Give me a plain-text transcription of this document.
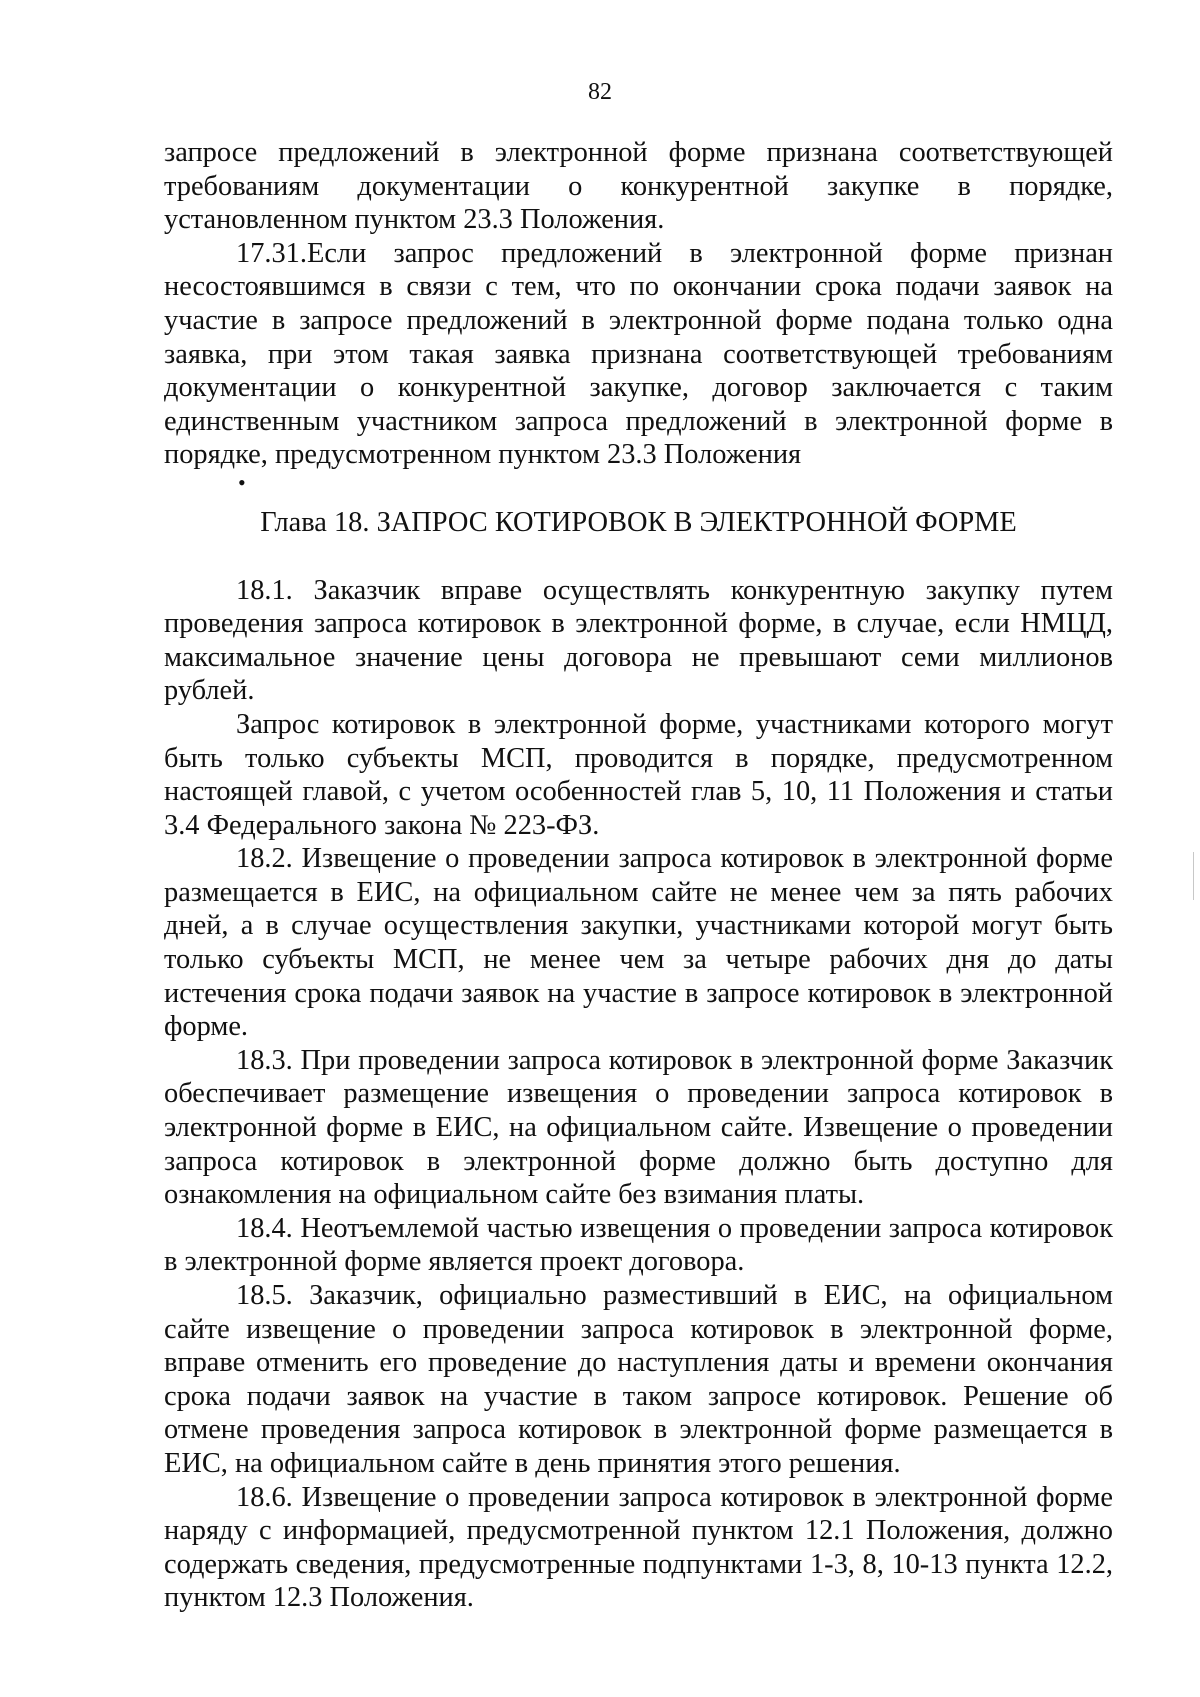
82

запросе предложений в электронной форме признана соответствующей требованиям документации о конкурентной закупке в порядке, установленном пунктом 23.3 Положения.

17.31.Если запрос предложений в электронной форме признан несостоявшимся в связи с тем, что по окончании срока подачи заявок на участие в запросе предложений в электронной форме подана только одна заявка, при этом такая заявка признана соответствующей требованиям документации о конкурентной закупке, договор заключается с таким единственным участником запроса предложений в электронной форме в порядке, предусмотренном пунктом 23.3 Положения

•

Глава 18. ЗАПРОС КОТИРОВОК В ЭЛЕКТРОННОЙ ФОРМЕ

18.1. Заказчик вправе осуществлять конкурентную закупку путем проведения запроса котировок в электронной форме, в случае, если НМЦД, максимальное значение цены договора не превышают семи миллионов рублей.

Запрос котировок в электронной форме, участниками которого могут быть только субъекты МСП, проводится в порядке, предусмотренном настоящей главой, с учетом особенностей глав 5, 10, 11 Положения и статьи 3.4 Федерального закона № 223-ФЗ.

18.2. Извещение о проведении запроса котировок в электронной форме размещается в ЕИС, на официальном сайте не менее чем за пять рабочих дней, а в случае осуществления закупки, участниками которой могут быть только субъекты МСП, не менее чем за четыре рабочих дня до даты истечения срока подачи заявок на участие в запросе котировок в электронной форме.

18.3. При проведении запроса котировок в электронной форме Заказчик обеспечивает размещение извещения о проведении запроса котировок в электронной форме в ЕИС, на официальном сайте. Извещение о проведении запроса котировок в электронной форме должно быть доступно для ознакомления на официальном сайте без взимания платы.

18.4. Неотъемлемой частью извещения о проведении запроса котировок в электронной форме является проект договора.

18.5. Заказчик, официально разместивший в ЕИС, на официальном сайте извещение о проведении запроса котировок в электронной форме, вправе отменить его проведение до наступления даты и времени окончания срока подачи заявок на участие в таком запросе котировок. Решение об отмене проведения запроса котировок в электронной форме размещается в ЕИС, на официальном сайте в день принятия этого решения.

18.6. Извещение о проведении запроса котировок в электронной форме наряду с информацией, предусмотренной пунктом 12.1 Положения, должно содержать сведения, предусмотренные подпунктами 1-3, 8, 10-13 пункта 12.2, пунктом 12.3 Положения.
